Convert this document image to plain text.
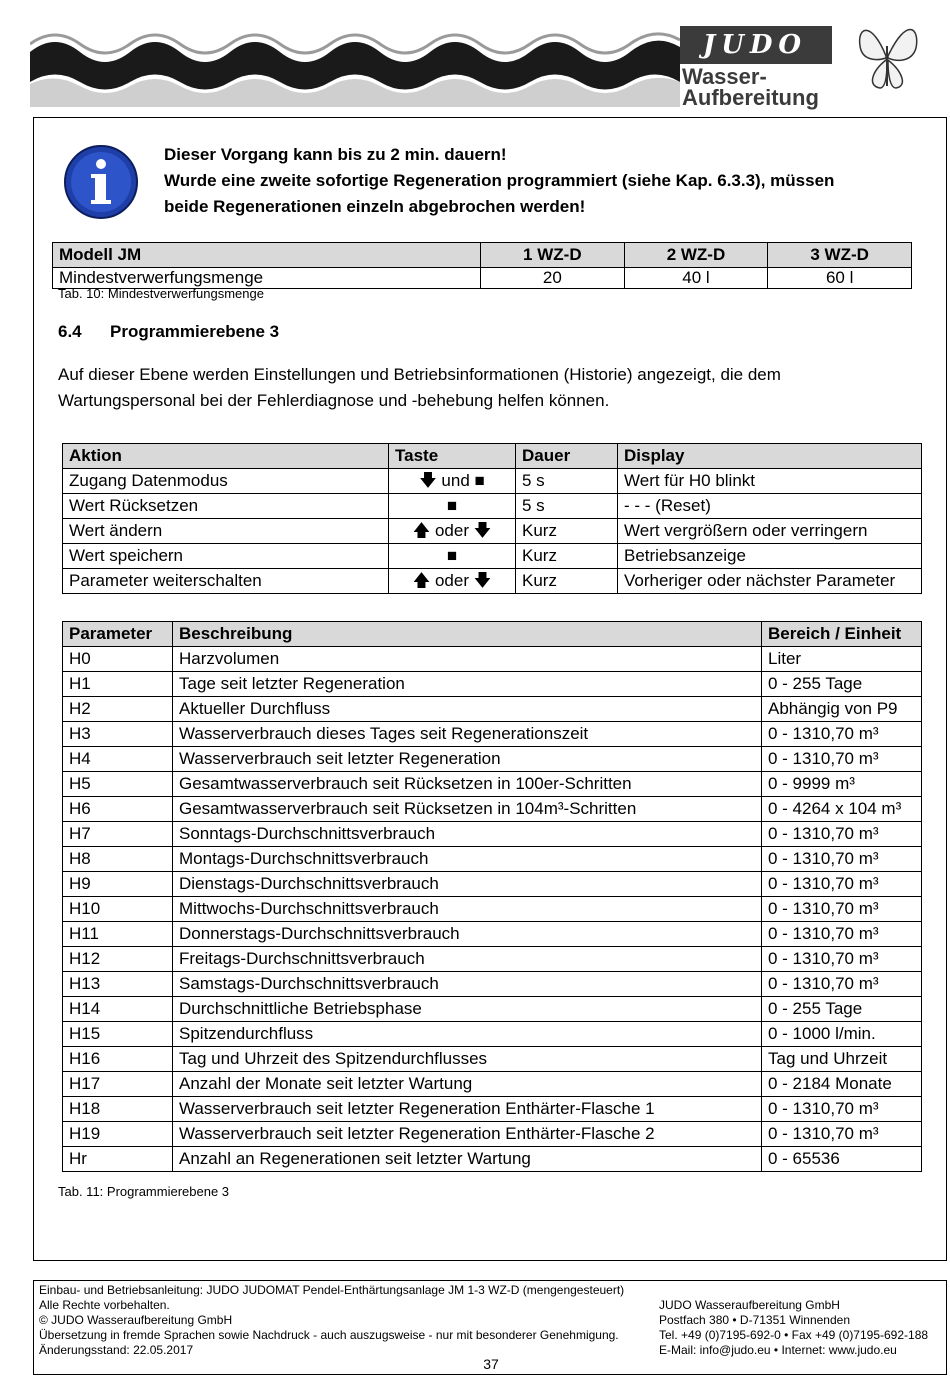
JUDO
Wasser-
Aufbereitung
Dieser Vorgang kann bis zu 2 min. dauern!
Wurde eine zweite sofortige Regeneration programmiert (siehe Kap. 6.3.3), müssen
beide Regenerationen einzeln abgebrochen werden!
Modell JM	1 WZ-D	2 WZ-D	3 WZ-D
Mindestverwerfungsmenge	20	40 l	60 l
Tab. 10: Mindestverwerfungsmenge
6.4 Programmierebene 3
Auf dieser Ebene werden Einstellungen und Betriebsinformationen (Historie) angezeigt, die dem
Wartungspersonal bei der Fehlerdiagnose und -behebung helfen können.
Aktion	Taste	Dauer	Display
Zugang Datenmodus	🡇 und ■	5 s	Wert für H0 blinkt
Wert Rücksetzen	■	5 s	- - - (Reset)
Wert ändern	🡅 oder 🡇	Kurz	Wert vergrößern oder verringern
Wert speichern	■	Kurz	Betriebsanzeige
Parameter weiterschalten	🡅 oder 🡇	Kurz	Vorheriger oder nächster Parameter
Parameter	Beschreibung	Bereich / Einheit
H0	Harzvolumen	Liter
H1	Tage seit letzter Regeneration	0 - 255 Tage
H2	Aktueller Durchfluss	Abhängig von P9
H3	Wasserverbrauch dieses Tages seit Regenerationszeit	0 - 1310,70 m³
H4	Wasserverbrauch seit letzter Regeneration	0 - 1310,70 m³
H5	Gesamtwasserverbrauch seit Rücksetzen in 100er-Schritten	0 - 9999 m³
H6	Gesamtwasserverbrauch seit Rücksetzen in 104m³-Schritten	0 - 4264 x 104 m³
H7	Sonntags-Durchschnittsverbrauch	0 - 1310,70 m³
H8	Montags-Durchschnittsverbrauch	0 - 1310,70 m³
H9	Dienstags-Durchschnittsverbrauch	0 - 1310,70 m³
H10	Mittwochs-Durchschnittsverbrauch	0 - 1310,70 m³
H11	Donnerstags-Durchschnittsverbrauch	0 - 1310,70 m³
H12	Freitags-Durchschnittsverbrauch	0 - 1310,70 m³
H13	Samstags-Durchschnittsverbrauch	0 - 1310,70 m³
H14	Durchschnittliche Betriebsphase	0 - 255 Tage
H15	Spitzendurchfluss	0 - 1000 l/min.
H16	Tag und Uhrzeit des Spitzendurchflusses	Tag und Uhrzeit
H17	Anzahl der Monate seit letzter Wartung	0 - 2184 Monate
H18	Wasserverbrauch seit letzter Regeneration Enthärter-Flasche 1	0 - 1310,70 m³
H19	Wasserverbrauch seit letzter Regeneration Enthärter-Flasche 2	0 - 1310,70 m³
Hr	Anzahl an Regenerationen seit letzter Wartung	0 - 65536
Tab. 11: Programmierebene 3
Einbau- und Betriebsanleitung: JUDO JUDOMAT Pendel-Enthärtungsanlage JM 1-3 WZ-D (mengengesteuert)
Alle Rechte vorbehalten.
© JUDO Wasseraufbereitung GmbH
Übersetzung in fremde Sprachen sowie Nachdruck - auch auszugsweise - nur mit besonderer Genehmigung.
Änderungsstand: 22.05.2017
JUDO Wasseraufbereitung GmbH
Postfach 380 • D-71351 Winnenden
Tel. +49 (0)7195-692-0 • Fax +49 (0)7195-692-188
E-Mail: info@judo.eu • Internet: www.judo.eu
37
